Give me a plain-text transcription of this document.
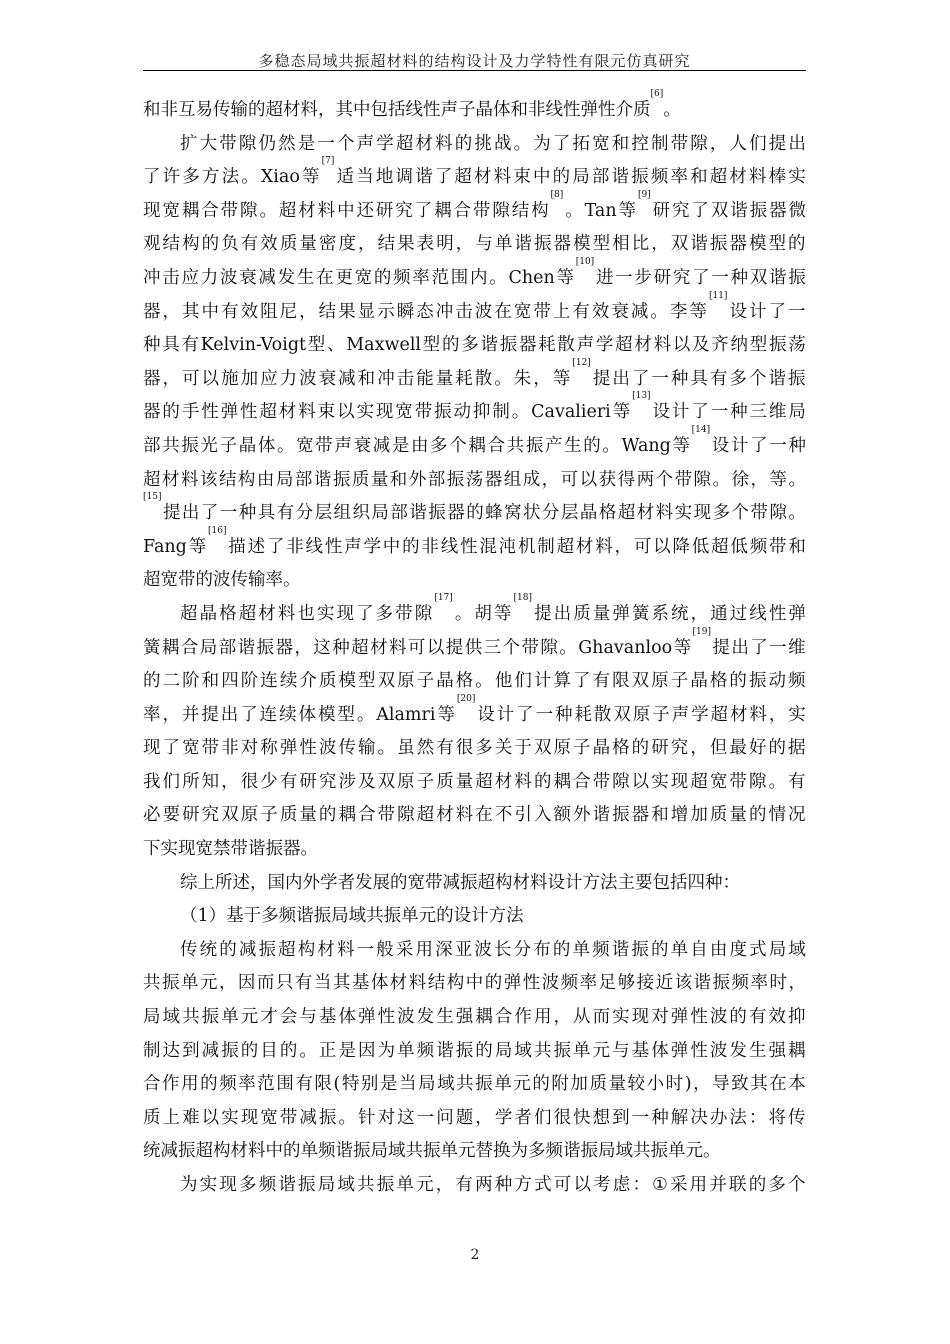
多稳态局域共振超材料的结构设计及力学特性有限元仿真研究
和非互易传输的超材料，其中包括线性声子晶体和非线性弹性介质
[6]
。
扩 大 带 隙 仍 然 是 一 个 声 学 超 材 料 的 挑 战 。 为 了 拓 宽 和 控 制 带 隙 ， 人 们 提 出
了 许 多 方 法 。 Xiao 等
[7]
适 当 地 调 谐 了 超 材 料 束 中 的 局 部 谐 振 频 率 和 超 材 料 棒 实
现 宽 耦 合 带 隙 。 超 材 料 中 还 研 究 了 耦 合 带 隙 结 构
[8]
。 Tan 等
[9]
研 究 了 双 谐 振 器 微
观 结 构 的 负 有 效 质 量 密 度 ， 结 果 表 明 ， 与 单 谐 振 器 模 型 相 比 ， 双 谐 振 器 模 型 的
冲 击 应 力 波 衰 减 发 生 在 更 宽 的 频 率 范 围 内 。 Chen 等
[10]
进 一 步 研 究 了 一 种 双 谐 振
器 ， 其 中 有 效 阻 尼 ， 结 果 显 示 瞬 态 冲 击 波 在 宽 带 上 有 效 衰 减 。 李 等
[11]
设 计 了 一
种 具 有 Kelvin-Voigt 型 、 Maxwell 型 的 多 谐 振 器 耗 散 声 学 超 材 料 以 及 齐 纳 型 振 荡
器 ， 可 以 施 加 应 力 波 衰 减 和 冲 击 能 量 耗 散 。 朱 ， 等
[12]
提 出 了 一 种 具 有 多 个 谐 振
器 的 手 性 弹 性 超 材 料 束 以 实 现 宽 带 振 动 抑 制 。 Cavalieri 等
[13]
设 计 了 一 种 三 维 局
部 共 振 光 子 晶 体 。 宽 带 声 衰 减 是 由 多 个 耦 合 共 振 产 生 的 。 Wang 等
[14]
设 计 了 一 种
超 材 料 该 结 构 由 局 部 谐 振 质 量 和 外 部 振 荡 器 组 成 ， 可 以 获 得 两 个 带 隙 。 徐 ， 等 。
[15]
提 出 了 一 种 具 有 分 层 组 织 局 部 谐 振 器 的 蜂 窝 状 分 层 晶 格 超 材 料 实 现 多 个 带 隙 。
Fang 等
[16]
描 述 了 非 线 性 声 学 中 的 非 线 性 混 沌 机 制 超 材 料 ， 可 以 降 低 超 低 频 带 和
超宽带的波传输率。
超 晶 格 超 材 料 也 实 现 了 多 带 隙
[17]
。 胡 等
[18]
提 出 质 量 弹 簧 系 统 ， 通 过 线 性 弹
簧 耦 合 局 部 谐 振 器 ， 这 种 超 材 料 可 以 提 供 三 个 带 隙 。 Ghavanloo 等
[19]
提 出 了 一 维
的 二 阶 和 四 阶 连 续 介 质 模 型 双 原 子 晶 格 。 他 们 计 算 了 有 限 双 原 子 晶 格 的 振 动 频
率 ， 并 提 出 了 连 续 体 模 型 。 Alamri 等
[20]
设 计 了 一 种 耗 散 双 原 子 声 学 超 材 料 ， 实
现 了 宽 带 非 对 称 弹 性 波 传 输 。 虽 然 有 很 多 关 于 双 原 子 晶 格 的 研 究 ， 但 最 好 的 据
我 们 所 知 ， 很 少 有 研 究 涉 及 双 原 子 质 量 超 材 料 的 耦 合 带 隙 以 实 现 超 宽 带 隙 。 有
必 要 研 究 双 原 子 质 量 的 耦 合 带 隙 超 材 料 在 不 引 入 额 外 谐 振 器 和 增 加 质 量 的 情 况
下实现宽禁带谐振器。
综上所述，国内外学者发展的宽带减振超构材料设计方法主要包括四种：
（1）基于多频谐振局域共振单元的设计方法
传 统 的 减 振 超 构 材 料 一 般 采 用 深 亚 波 长 分 布 的 单 频 谐 振 的 单 自 由 度 式 局 域
共 振 单 元 ， 因 而 只 有 当 其 基 体 材 料 结 构 中 的 弹 性 波 频 率 足 够 接 近 该 谐 振 频 率 时 ，
局 域 共 振 单 元 才 会 与 基 体 弹 性 波 发 生 强 耦 合 作 用 ， 从 而 实 现 对 弹 性 波 的 有 效 抑
制 达 到 减 振 的 目 的 。 正 是 因 为 单 频 谐 振 的 局 域 共 振 单 元 与 基 体 弹 性 波 发 生 强 耦
合 作 用 的 频 率 范 围 有 限 ( 特 别 是 当 局 域 共 振 单 元 的 附 加 质 量 较 小 时 ) ， 导 致 其 在 本
质 上 难 以 实 现 宽 带 减 振 。 针 对 这 一 问 题 ， 学 者 们 很 快 想 到 一 种 解 决 办 法 ： 将 传
统减振超构材料中的单频谐振局域共振单元替换为多频谐振局域共振单元。
为 实 现 多 频 谐 振 局 域 共 振 单 元 ， 有 两 种 方 式 可 以 考 虑 ： ① 采 用 并 联 的 多 个
2
